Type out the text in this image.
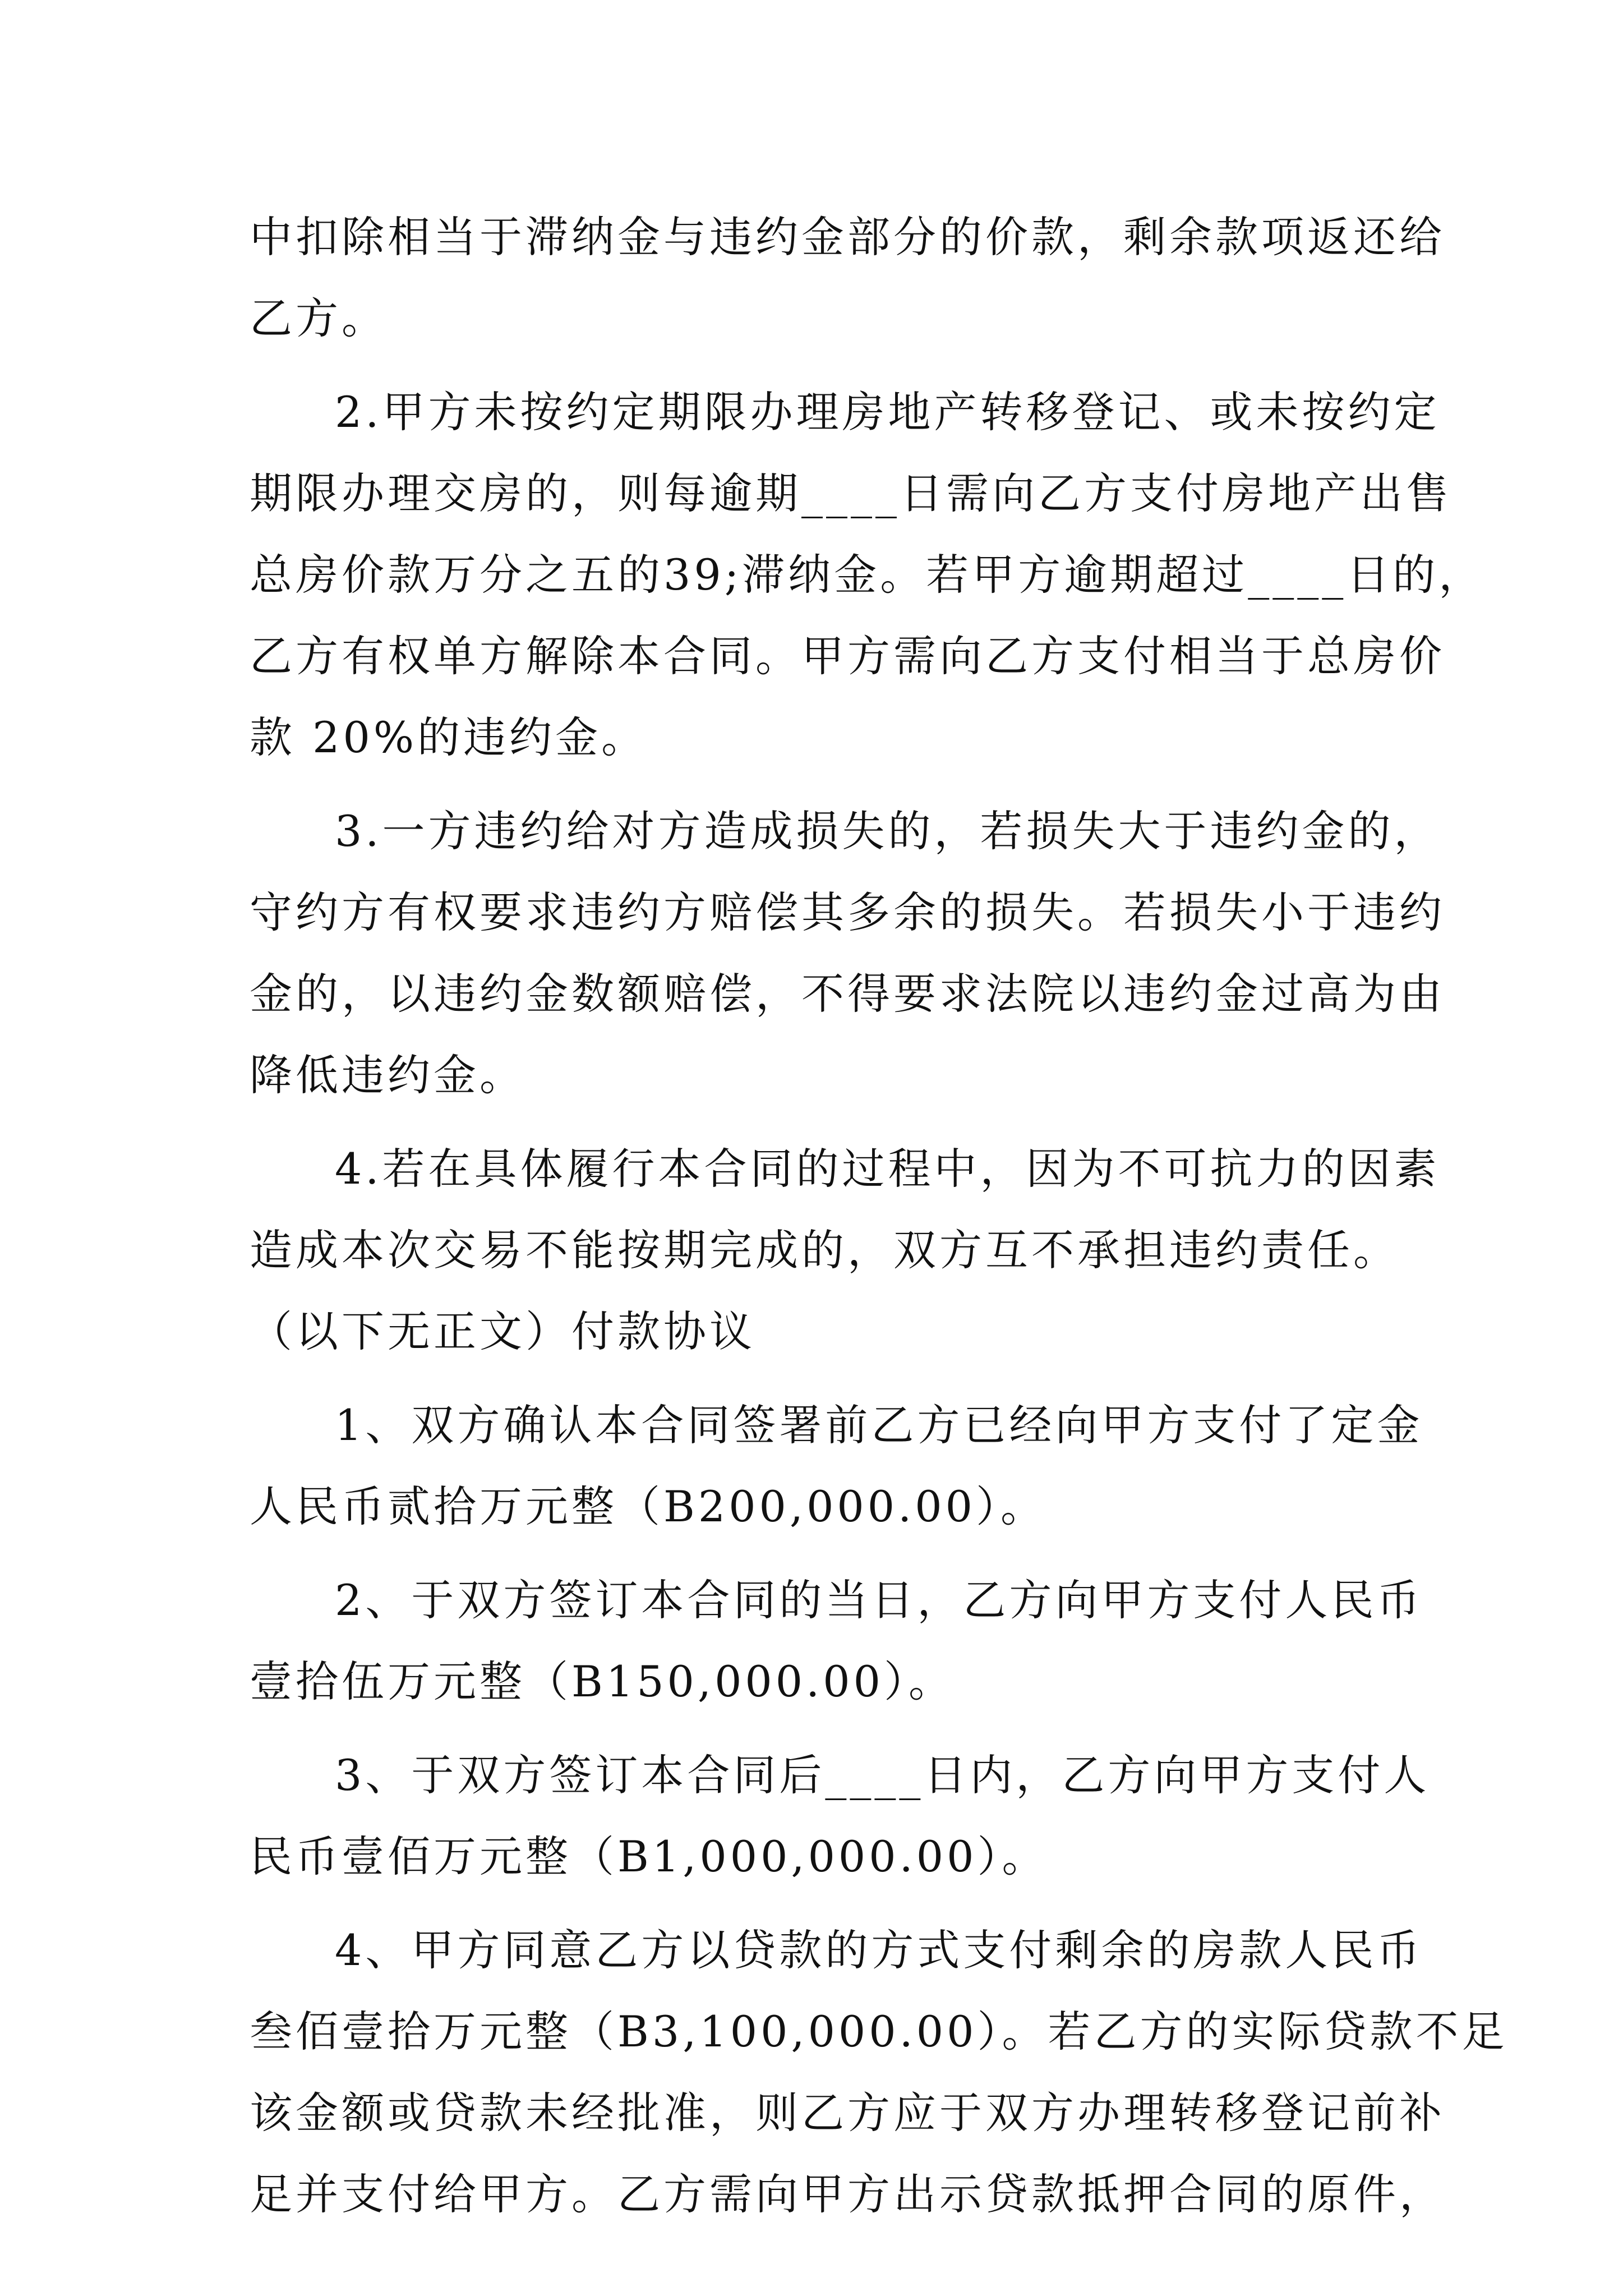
中扣除相当于滞纳金与违约金部分的价款，剩余款项返还给
乙方。
2.甲方未按约定期限办理房地产转移登记、或未按约定
期限办理交房的，则每逾期____日需向乙方支付房地产出售
总房价款万分之五的39;滞纳金。若甲方逾期超过____日的，
乙方有权单方解除本合同。甲方需向乙方支付相当于总房价
款 20%的违约金。
3.一方违约给对方造成损失的，若损失大于违约金的，
守约方有权要求违约方赔偿其多余的损失。若损失小于违约
金的，以违约金数额赔偿，不得要求法院以违约金过高为由
降低违约金。
4.若在具体履行本合同的过程中，因为不可抗力的因素
造成本次交易不能按期完成的，双方互不承担违约责任。
（以下无正文）付款协议
1、双方确认本合同签署前乙方已经向甲方支付了定金
人民币贰拾万元整（B200,000.00）。
2、于双方签订本合同的当日，乙方向甲方支付人民币
壹拾伍万元整（B150,000.00）。
3、于双方签订本合同后____日内，乙方向甲方支付人
民币壹佰万元整（B1,000,000.00）。
4、甲方同意乙方以贷款的方式支付剩余的房款人民币
叁佰壹拾万元整（B3,100,000.00）。若乙方的实际贷款不足
该金额或贷款未经批准，则乙方应于双方办理转移登记前补
足并支付给甲方。乙方需向甲方出示贷款抵押合同的原件，
